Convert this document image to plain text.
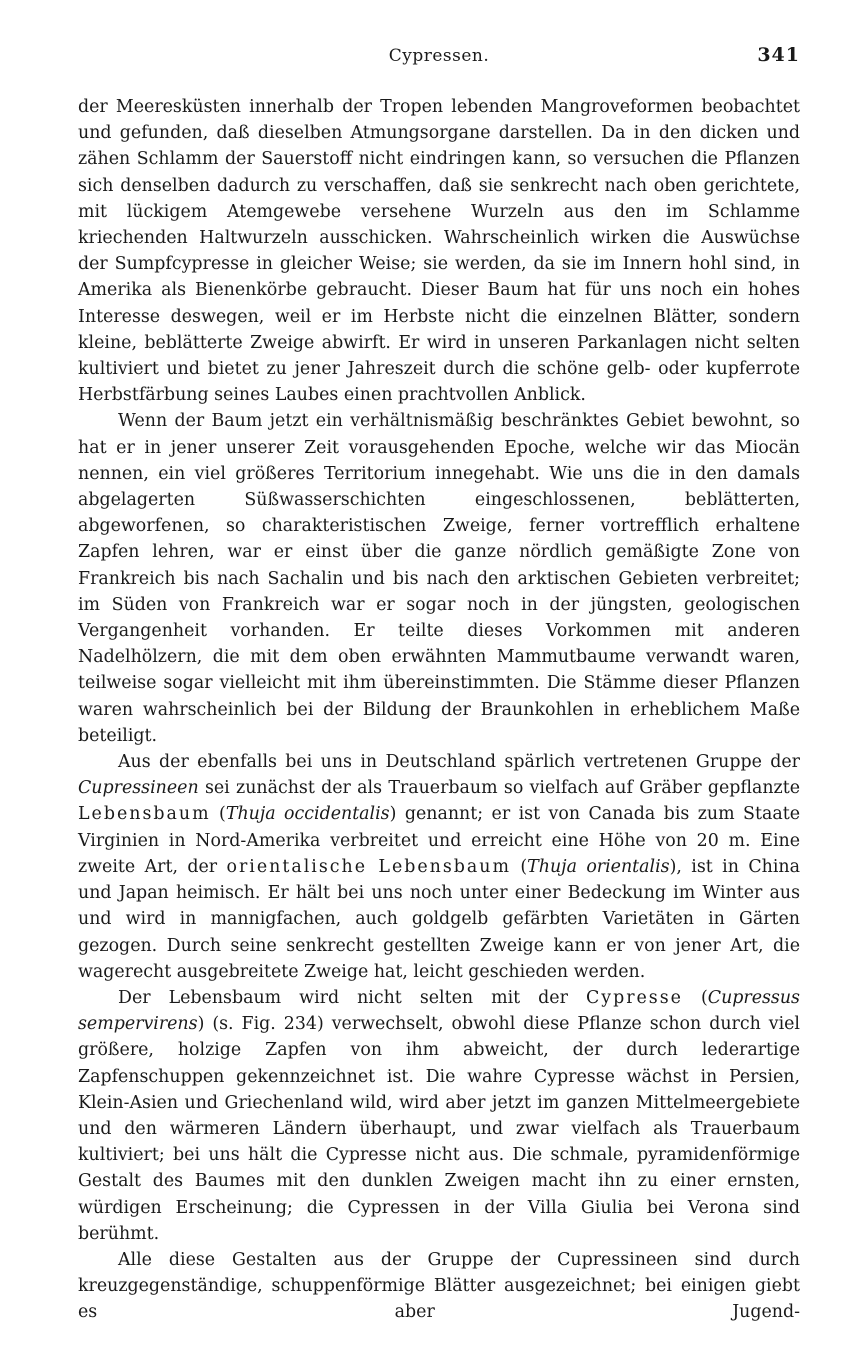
Cypressen.	341

der Meeresküsten innerhalb der Tropen lebenden Mangroveformen beobachtet und gefunden, daß dieselben Atmungsorgane darstellen. Da in den dicken und zähen Schlamm der Sauerstoff nicht eindringen kann, so versuchen die Pflanzen sich denselben dadurch zu verschaffen, daß sie senkrecht nach oben gerichtete, mit lückigem Atemgewebe versehene Wurzeln aus den im Schlamme kriechenden Haltwurzeln ausschicken. Wahrscheinlich wirken die Auswüchse der Sumpfcypresse in gleicher Weise; sie werden, da sie im Innern hohl sind, in Amerika als Bienenkörbe gebraucht. Dieser Baum hat für uns noch ein hohes Interesse deswegen, weil er im Herbste nicht die einzelnen Blätter, sondern kleine, beblätterte Zweige abwirft. Er wird in unseren Parkanlagen nicht selten kultiviert und bietet zu jener Jahreszeit durch die schöne gelb- oder kupferrote Herbstfärbung seines Laubes einen prachtvollen Anblick.

Wenn der Baum jetzt ein verhältnismäßig beschränktes Gebiet bewohnt, so hat er in jener unserer Zeit vorausgehenden Epoche, welche wir das Miocän nennen, ein viel größeres Territorium innegehabt. Wie uns die in den damals abgelagerten Süßwasserschichten eingeschlossenen, beblätterten, abgeworfenen, so charakteristischen Zweige, ferner vortrefflich erhaltene Zapfen lehren, war er einst über die ganze nördlich gemäßigte Zone von Frankreich bis nach Sachalin und bis nach den arktischen Gebieten verbreitet; im Süden von Frankreich war er sogar noch in der jüngsten, geologischen Vergangenheit vorhanden. Er teilte dieses Vorkommen mit anderen Nadelhölzern, die mit dem oben erwähnten Mammutbaume verwandt waren, teilweise sogar vielleicht mit ihm übereinstimmten. Die Stämme dieser Pflanzen waren wahrscheinlich bei der Bildung der Braunkohlen in erheblichem Maße beteiligt.

Aus der ebenfalls bei uns in Deutschland spärlich vertretenen Gruppe der Cupressineen sei zunächst der als Trauerbaum so vielfach auf Gräber gepflanzte Lebensbaum (Thuja occidentalis) genannt; er ist von Canada bis zum Staate Virginien in Nord-Amerika verbreitet und erreicht eine Höhe von 20 m. Eine zweite Art, der orientalische Lebensbaum (Thuja orientalis), ist in China und Japan heimisch. Er hält bei uns noch unter einer Bedeckung im Winter aus und wird in mannigfachen, auch goldgelb gefärbten Varietäten in Gärten gezogen. Durch seine senkrecht gestellten Zweige kann er von jener Art, die wagerecht ausgebreitete Zweige hat, leicht geschieden werden.

Der Lebensbaum wird nicht selten mit der Cypresse (Cupressus sempervirens) (s. Fig. 234) verwechselt, obwohl diese Pflanze schon durch viel größere, holzige Zapfen von ihm abweicht, der durch lederartige Zapfenschuppen gekennzeichnet ist. Die wahre Cypresse wächst in Persien, Klein-Asien und Griechenland wild, wird aber jetzt im ganzen Mittelmeergebiete und den wärmeren Ländern überhaupt, und zwar vielfach als Trauerbaum kultiviert; bei uns hält die Cypresse nicht aus. Die schmale, pyramidenförmige Gestalt des Baumes mit den dunklen Zweigen macht ihn zu einer ernsten, würdigen Erscheinung; die Cypressen in der Villa Giulia bei Verona sind berühmt.

Alle diese Gestalten aus der Gruppe der Cupressineen sind durch kreuzgegenständige, schuppenförmige Blätter ausgezeichnet; bei einigen giebt es aber Jugend-
